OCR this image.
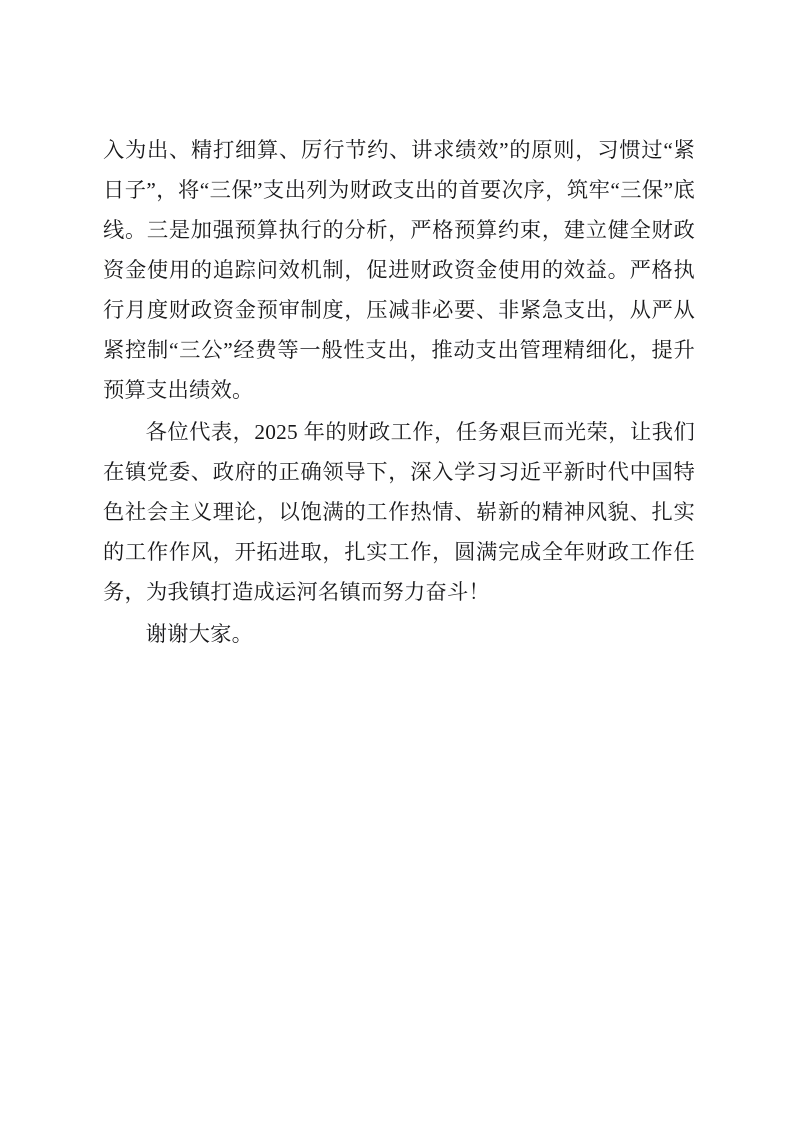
入为出、精打细算、厉行节约、讲求绩效”的原则，习惯过“紧日子”，将“三保”支出列为财政支出的首要次序，筑牢“三保”底线。三是加强预算执行的分析，严格预算约束，建立健全财政资金使用的追踪问效机制，促进财政资金使用的效益。严格执行月度财政资金预审制度，压减非必要、非紧急支出，从严从紧控制“三公”经费等一般性支出，推动支出管理精细化，提升预算支出绩效。

各位代表，2025 年的财政工作，任务艰巨而光荣，让我们在镇党委、政府的正确领导下，深入学习习近平新时代中国特色社会主义理论，以饱满的工作热情、崭新的精神风貌、扎实的工作作风，开拓进取，扎实工作，圆满完成全年财政工作任务，为我镇打造成运河名镇而努力奋斗！

谢谢大家。
